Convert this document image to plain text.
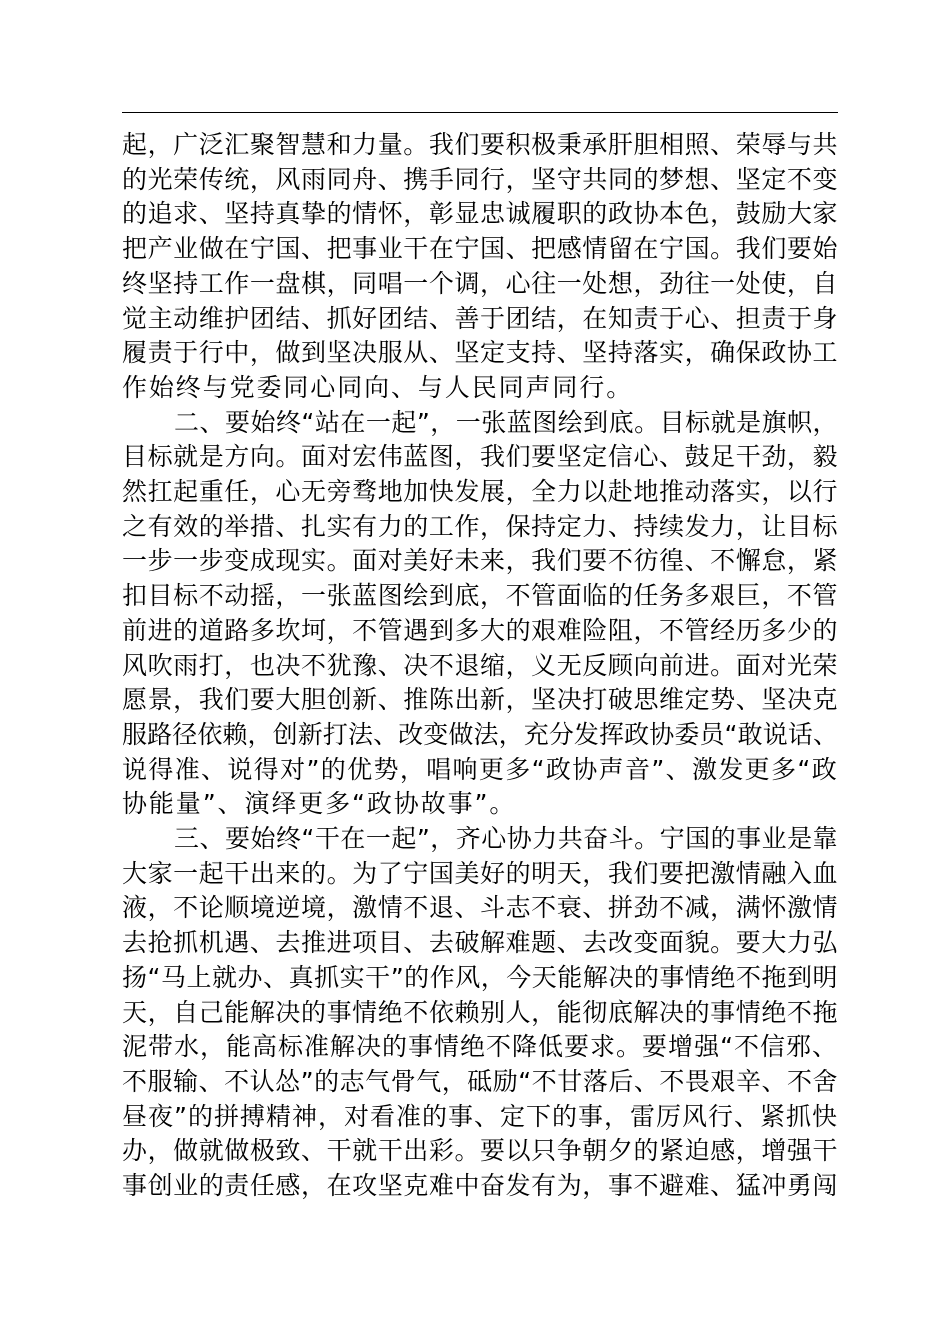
起，广泛汇聚智慧和力量。我们要积极秉承肝胆相照、荣辱与共
的光荣传统，风雨同舟、携手同行，坚守共同的梦想、坚定不变
的追求、坚持真挚的情怀，彰显忠诚履职的政协本色，鼓励大家
把产业做在宁国、把事业干在宁国、把感情留在宁国。我们要始
终坚持工作一盘棋，同唱一个调，心往一处想，劲往一处使，自
觉主动维护团结、抓好团结、善于团结，在知责于心、担责于身
履责于行中，做到坚决服从、坚定支持、坚持落实，确保政协工
作始终与党委同心同向、与人民同声同行。

二、要始终“站在一起”，一张蓝图绘到底。目标就是旗帜，
目标就是方向。面对宏伟蓝图，我们要坚定信心、鼓足干劲，毅
然扛起重任，心无旁骛地加快发展，全力以赴地推动落实，以行
之有效的举措、扎实有力的工作，保持定力、持续发力，让目标
一步一步变成现实。面对美好未来，我们要不彷徨、不懈怠，紧
扣目标不动摇，一张蓝图绘到底，不管面临的任务多艰巨，不管
前进的道路多坎坷，不管遇到多大的艰难险阻，不管经历多少的
风吹雨打，也决不犹豫、决不退缩，义无反顾向前进。面对光荣
愿景，我们要大胆创新、推陈出新，坚决打破思维定势、坚决克
服路径依赖，创新打法、改变做法，充分发挥政协委员“敢说话、
说得准、说得对”的优势，唱响更多“政协声音”、激发更多“政
协能量”、演绎更多“政协故事”。

三、要始终“干在一起”，齐心协力共奋斗。宁国的事业是靠
大家一起干出来的。为了宁国美好的明天，我们要把激情融入血
液，不论顺境逆境，激情不退、斗志不衰、拼劲不减，满怀激情
去抢抓机遇、去推进项目、去破解难题、去改变面貌。要大力弘
扬“马上就办、真抓实干”的作风，今天能解决的事情绝不拖到明
天，自己能解决的事情绝不依赖别人，能彻底解决的事情绝不拖
泥带水，能高标准解决的事情绝不降低要求。要增强“不信邪、
不服输、不认怂”的志气骨气，砥励“不甘落后、不畏艰辛、不舍
昼夜”的拼搏精神，对看准的事、定下的事，雷厉风行、紧抓快
办，做就做极致、干就干出彩。要以只争朝夕的紧迫感，增强干
事创业的责任感，在攻坚克难中奋发有为，事不避难、猛冲勇闯
